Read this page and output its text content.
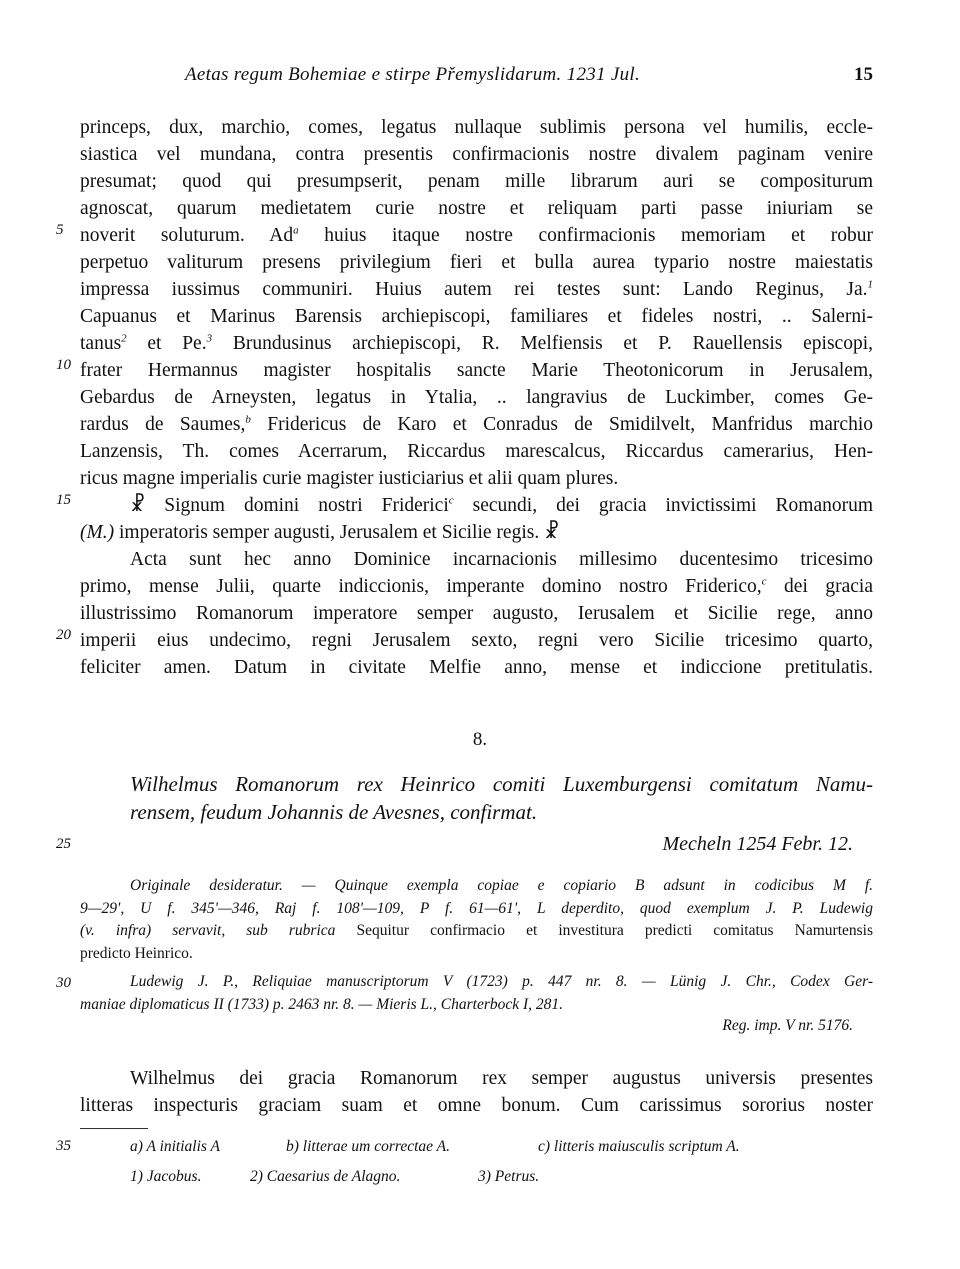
Aetas regum Bohemiae e stirpe Přemyslidarum. 1231 Jul.	15
5
10
15
20
25
30
35
princeps, dux, marchio, comes, legatus nullaque sublimis persona vel humilis, eccle-
siastica vel mundana, contra presentis confirmacionis nostre divalem paginam venire
presumat; quod qui presumpserit, penam mille librarum auri se compositurum
agnoscat, quarum medietatem curie nostre et reliquam parti passe iniuriam se
noverit soluturum. Ad$^a$ huius itaque nostre confirmacionis memoriam et robur
perpetuo valiturum presens privilegium fieri et bulla aurea typario nostre maiestatis
impressa iussimus communiri. Huius autem rei testes sunt: Lando Reginus, Ja.$^1$
Capuanus et Marinus Barensis archiepiscopi, familiares et fideles nostri, .. Salerni-
tanus$^2$ et Pe.$^3$ Brundusinus archiepiscopi, R. Melfiensis et P. Rauellensis episcopi,
frater Hermannus magister hospitalis sancte Marie Theotonicorum in Jerusalem,
Gebardus de Arneysten, legatus in Ytalia, .. langravius de Luckimber, comes Ge-
rardus de Saumes,$^b$ Fridericus de Karo et Conradus de Smidilvelt, Manfridus marchio
Lanzensis, Th. comes Acerrarum, Riccardus marescalcus, Riccardus camerarius, Hen-
ricus magne imperialis curie magister iusticiarius et alii quam plures.
☧ Signum domini nostri Friderici$^c$ secundi, dei gracia invictissimi Romanorum
(M.) imperatoris semper augusti, Jerusalem et Sicilie regis. ☧
Acta sunt hec anno Dominice incarnacionis millesimo ducentesimo tricesimo
primo, mense Julii, quarte indiccionis, imperante domino nostro Friderico,$^c$ dei gracia
illustrissimo Romanorum imperatore semper augusto, Ierusalem et Sicilie rege, anno
imperii eius undecimo, regni Jerusalem sexto, regni vero Sicilie tricesimo quarto,
feliciter amen. Datum in civitate Melfie anno, mense et indiccione pretitulatis.
8.
Wilhelmus Romanorum rex Heinrico comiti Luxemburgensi comitatum Namu-
rensem, feudum Johannis de Avesnes, confirmat.
Mecheln 1254 Febr. 12.
Originale desideratur. — Quinque exempla copiae e copiario B adsunt in codicibus M f.
9—29', U f. 345'—346, Raj f. 108'—109, P f. 61—61', L deperdito, quod exemplum J. P. Ludewig
(v. infra) servavit, sub rubrica Sequitur confirmacio et investitura predicti comitatus Namurtensis
predicto Heinrico.
Ludewig J. P., Reliquiae manuscriptorum V (1723) p. 447 nr. 8. — Lünig J. Chr., Codex Ger-
maniae diplomaticus II (1733) p. 2463 nr. 8. — Mieris L., Charterbock I, 281.
Reg. imp. V nr. 5176.
Wilhelmus dei gracia Romanorum rex semper augustus universis presentes
litteras inspecturis graciam suam et omne bonum. Cum carissimus sororius noster
a) A initialis A	b) litterae um correctae A.	c) litteris maiusculis scriptum A.
1) Jacobus.	2) Caesarius de Alagno.	3) Petrus.
